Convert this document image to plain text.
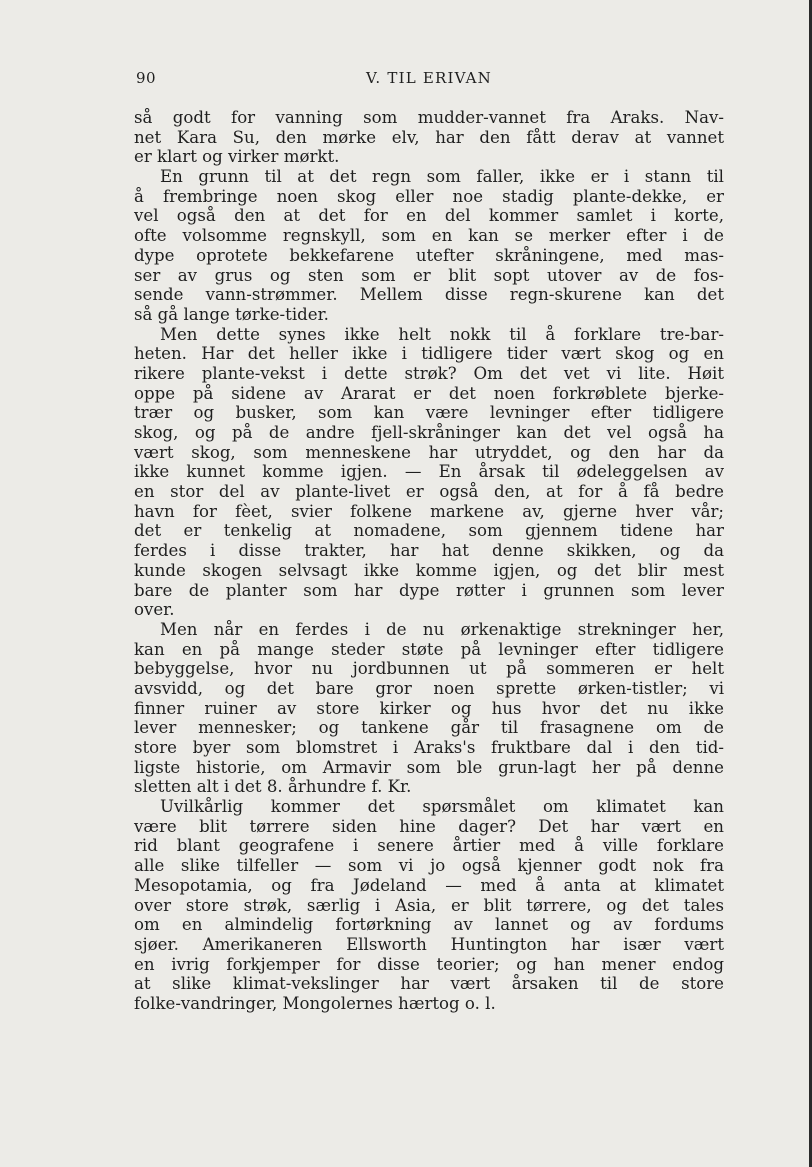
90	V. TIL ERIVAN
så godt for vanning som mudder-vannet fra Araks. Nav-
net Kara Su, den mørke elv, har den fått derav at vannet
er klart og virker mørkt.
En grunn til at det regn som faller, ikke er i stann til
å frembringe noen skog eller noe stadig plante-dekke, er
vel også den at det for en del kommer samlet i korte,
ofte volsomme regnskyll, som en kan se merker efter i de
dype oprotete bekkefarene utefter skråningene, med mas-
ser av grus og sten som er blit sopt utover av de fos-
sende vann-strømmer. Mellem disse regn-skurene kan det
så gå lange tørke-tider.
Men dette synes ikke helt nokk til å forklare tre-bar-
heten. Har det heller ikke i tidligere tider vært skog og en
rikere plante-vekst i dette strøk? Om det vet vi lite. Høit
oppe på sidene av Ararat er det noen forkrøblete bjerke-
trær og busker, som kan være levninger efter tidligere
skog, og på de andre fjell-skråninger kan det vel også ha
vært skog, som menneskene har utryddet, og den har da
ikke kunnet komme igjen. — En årsak til ødeleggelsen av
en stor del av plante-livet er også den, at for å få bedre
havn for fèet, svier folkene markene av, gjerne hver vår;
det er tenkelig at nomadene, som gjennem tidene har
ferdes i disse trakter, har hat denne skikken, og da
kunde skogen selvsagt ikke komme igjen, og det blir mest
bare de planter som har dype røtter i grunnen som lever
over.
Men når en ferdes i de nu ørkenaktige strekninger her,
kan en på mange steder støte på levninger efter tidligere
bebyggelse, hvor nu jordbunnen ut på sommeren er helt
avsvidd, og det bare gror noen sprette ørken-tistler; vi
finner ruiner av store kirker og hus hvor det nu ikke
lever mennesker; og tankene går til frasagnene om de
store byer som blomstret i Araks's fruktbare dal i den tid-
ligste historie, om Armavir som ble grun-lagt her på denne
sletten alt i det 8. århundre f. Kr.
Uvilkårlig kommer det spørsmålet om klimatet kan
være blit tørrere siden hine dager? Det har vært en
rid blant geografene i senere årtier med å ville forklare
alle slike tilfeller — som vi jo også kjenner godt nok fra
Mesopotamia, og fra Jødeland — med å anta at klimatet
over store strøk, særlig i Asia, er blit tørrere, og det tales
om en almindelig fortørkning av lannet og av fordums
sjøer. Amerikaneren Ellsworth Huntington har især vært
en ivrig forkjemper for disse teorier; og han mener endog
at slike klimat-vekslinger har vært årsaken til de store
folke-vandringer, Mongolernes hærtog o. l.
